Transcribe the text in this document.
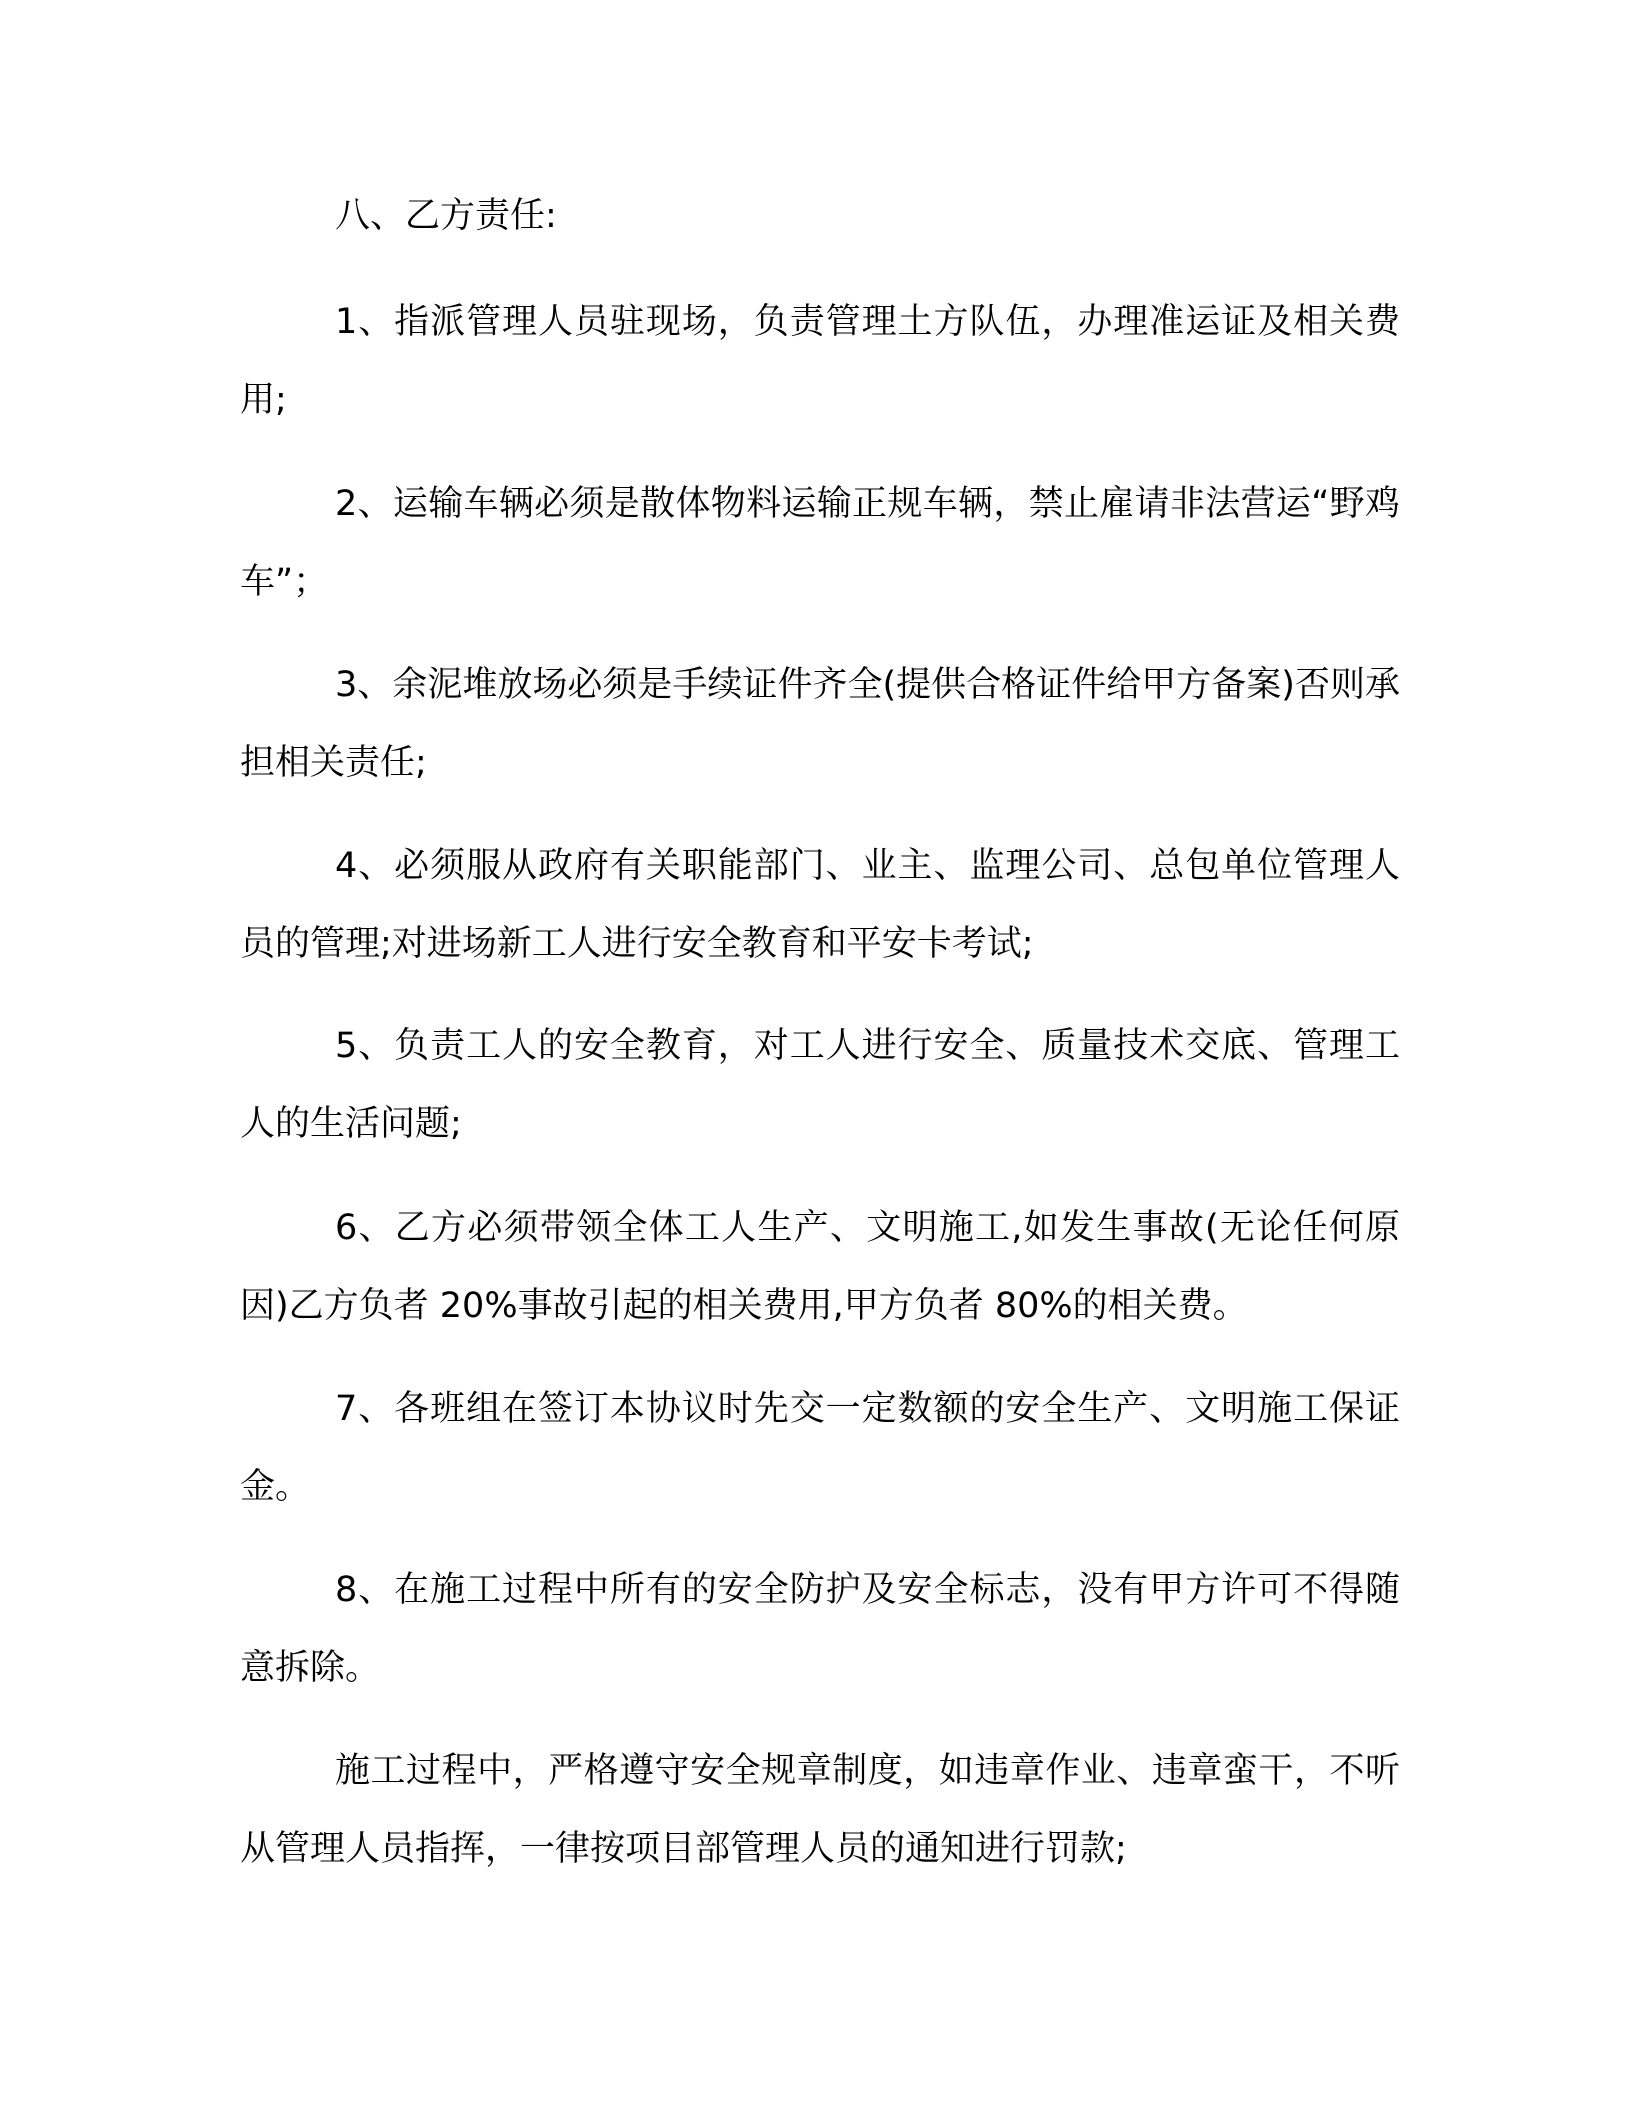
八、乙方责任:

1、指派管理人员驻现场，负责管理土方队伍，办理准运证及相关费用;

2、运输车辆必须是散体物料运输正规车辆，禁止雇请非法营运“野鸡车”；

3、余泥堆放场必须是手续证件齐全(提供合格证件给甲方备案)否则承担相关责任;

4、必须服从政府有关职能部门、业主、监理公司、总包单位管理人员的管理;对进场新工人进行安全教育和平安卡考试;

5、负责工人的安全教育，对工人进行安全、质量技术交底、管理工人的生活问题;

6、乙方必须带领全体工人生产、文明施工,如发生事故(无论任何原因)乙方负者 20%事故引起的相关费用,甲方负者 80%的相关费。

7、各班组在签订本协议时先交一定数额的安全生产、文明施工保证金。

8、在施工过程中所有的安全防护及安全标志，没有甲方许可不得随意拆除。

施工过程中，严格遵守安全规章制度，如违章作业、违章蛮干，不听从管理人员指挥，一律按项目部管理人员的通知进行罚款;
